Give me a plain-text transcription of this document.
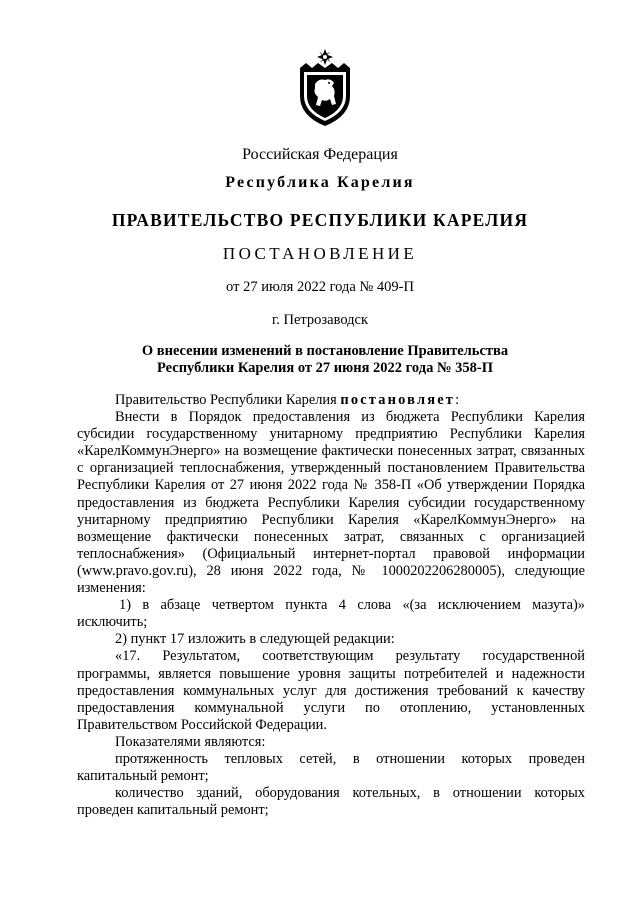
Российская Федерация
Республика Карелия
ПРАВИТЕЛЬСТВО РЕСПУБЛИКИ КАРЕЛИЯ
ПОСТАНОВЛЕНИЕ
от 27 июля 2022 года № 409-П
г. Петрозаводск
О внесении изменений в постановление Правительства
Республики Карелия от 27 июня 2022 года № 358-П

Правительство Республики Карелия постановляет:

Внести в Порядок предоставления из бюджета Республики Карелия субсидии государственному унитарному предприятию Республики Карелия «КарелКоммунЭнерго» на возмещение фактически понесенных затрат, связанных с организацией теплоснабжения, утвержденный постановлением Правительства Республики Карелия от 27 июня 2022 года № 358-П «Об утверждении Порядка предоставления из бюджета Республики Карелия субсидии государственному унитарному предприятию Республики Карелия «КарелКоммунЭнерго» на возмещение фактически понесенных затрат, связанных с организацией теплоснабжения» (Официальный интернет-портал правовой информации (www.pravo.gov.ru), 28 июня 2022 года, № 1000202206280005), следующие изменения:

1) в абзаце четвертом пункта 4 слова «(за исключением мазута)» исключить;

2) пункт 17 изложить в следующей редакции:

«17. Результатом, соответствующим результату государственной программы, является повышение уровня защиты потребителей и надежности предоставления коммунальных услуг для достижения требований к качеству предоставления коммунальной услуги по отоплению, установленных Правительством Российской Федерации.

Показателями являются:

протяженность тепловых сетей, в отношении которых проведен капитальный ремонт;

количество зданий, оборудования котельных, в отношении которых проведен капитальный ремонт;
